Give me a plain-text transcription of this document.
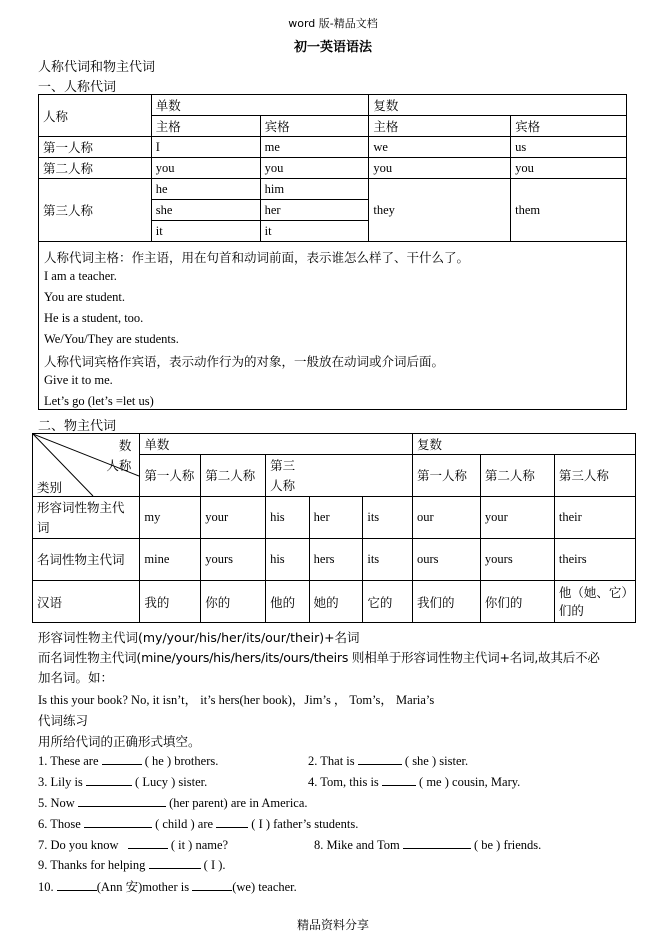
word 版-精品文档
初一英语语法
人称代词和物主代词
一、人称代词
人称	单数		复数	
	主格	宾格	主格	宾格
第一人称	I	me	we	us
第二人称	you	you	you	you
第三人称	he	him	they	them
	she	her		
	it	it		

人称代词主格：作主语，用在句首和动词前面，表示谁怎么样了、干什么了。
I am a teacher.
You are student.
He is a student, too.
We/You/They are students.
人称代词宾格作宾语，表示动作行为的对象，一般放在动词或介词后面。
Give it to me.
Let’s go (let’s =let us)
二、物主代词
数
人称
类别	单数					复数		
	第一人称	第二人称	第三人称			第一人称	第二人称	第三人称
形容词性物主代词	my	your	his	her	its	our	your	their
名词性物主代词	mine	yours	his	hers	its	ours	yours	theirs
汉语	我的	你的	他的	她的	它的	我们的	你们的	他（她、它）们的
形容词性物主代词(my/your/his/her/its/our/their)+名词
而名词性物主代词(mine/yours/his/hers/its/ours/theirs 则相单于形容词性物主代词+名词,故其后不必
加名词。如：
Is this your book? No, it isn’t， it’s hers(her book)，Jim’s ， Tom’s， Maria’s
代词练习
用所给代词的正确形式填空。
1. These are	( he ) brothers.	2. That is	( she ) sister.
3. Lily is	( Lucy ) sister.	4. Tom, this is	( me ) cousin, Mary.
5. Now	(her parent) are in America.
6. Those	( child ) are	( I ) father’s students.
7. Do you know	( it ) name?	8. Mike and Tom	( be ) friends.
9. Thanks for helping	( I ).
10.	(Ann 安)mother is	(we) teacher.
精品资料分享
